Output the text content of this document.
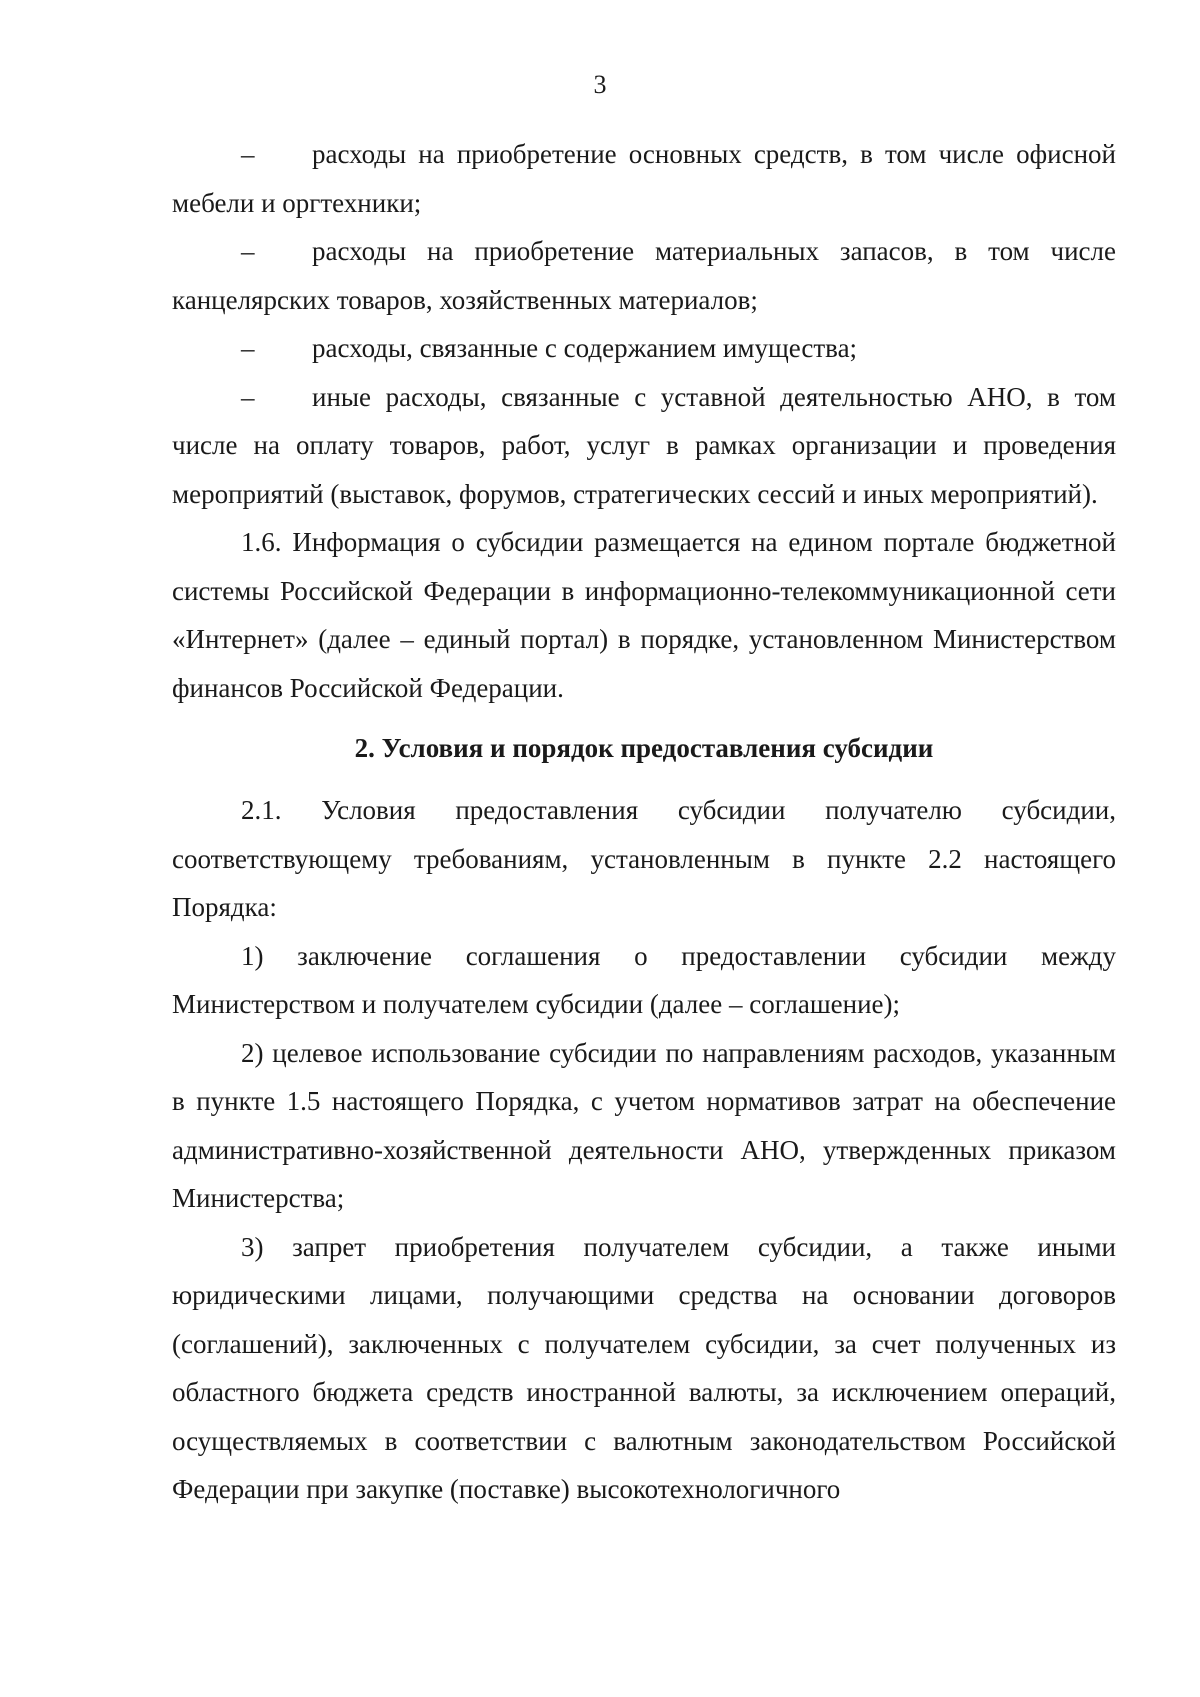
3

– расходы на приобретение основных средств, в том числе офисной мебели и оргтехники;

– расходы на приобретение материальных запасов, в том числе канцелярских товаров, хозяйственных материалов;

– расходы, связанные с содержанием имущества;

– иные расходы, связанные с уставной деятельностью АНО, в том числе на оплату товаров, работ, услуг в рамках организации и проведения мероприятий (выставок, форумов, стратегических сессий и иных мероприятий).

1.6. Информация о субсидии размещается на едином портале бюджетной системы Российской Федерации в информационно-телекоммуникационной сети «Интернет» (далее – единый портал) в порядке, установленном Министерством финансов Российской Федерации.

2. Условия и порядок предоставления субсидии

2.1. Условия предоставления субсидии получателю субсидии, соответствующему требованиям, установленным в пункте 2.2 настоящего Порядка:

1) заключение соглашения о предоставлении субсидии между Министерством и получателем субсидии (далее – соглашение);

2) целевое использование субсидии по направлениям расходов, указанным в пункте 1.5 настоящего Порядка, с учетом нормативов затрат на обеспечение административно-хозяйственной деятельности АНО, утвержденных приказом Министерства;

3) запрет приобретения получателем субсидии, а также иными юридическими лицами, получающими средства на основании договоров (соглашений), заключенных с получателем субсидии, за счет полученных из областного бюджета средств иностранной валюты, за исключением операций, осуществляемых в соответствии с валютным законодательством Российской Федерации при закупке (поставке) высокотехнологичного
